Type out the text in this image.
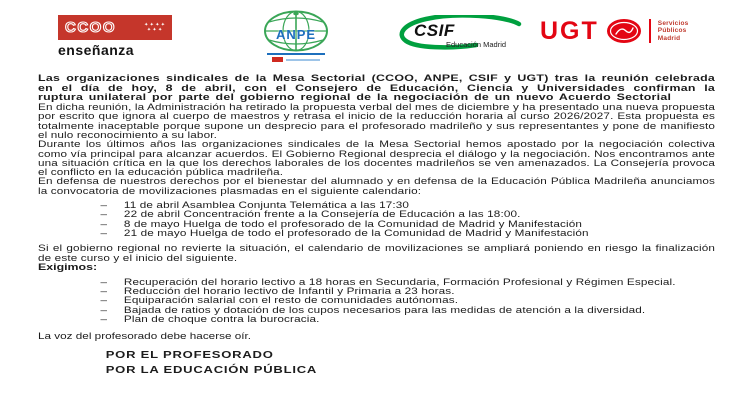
CCOO	✦ ✦ ✦ ✦
✦ ✦ ✦
enseñanza
ANPE	CSIF
Educación Madrid UGT	Servicios
Públicos
Madrid

Las organizaciones sindicales de la Mesa Sectorial (CCOO, ANPE, CSIF y UGT) tras la reunión celebrada en el día de hoy, 8 de abril, con el Consejero de Educación, Ciencia y Universidades confirman la ruptura unilateral por parte del gobierno regional de la negociación de un nuevo Acuerdo Sectorial

En dicha reunión, la Administración ha retirado la propuesta verbal del mes de diciembre y ha presentado una nueva propuesta por escrito que ignora al cuerpo de maestros y retrasa el inicio de la reducción horaria al curso 2026/2027. Esta propuesta es totalmente inaceptable porque supone un desprecio para el profesorado madrileño y sus representantes y pone de manifiesto el nulo reconocimiento a su labor.

Durante los últimos años las organizaciones sindicales de la Mesa Sectorial hemos apostado por la negociación colectiva como vía principal para alcanzar acuerdos. El Gobierno Regional desprecia el diálogo y la negociación. Nos encontramos ante una situación crítica en la que los derechos laborales de los docentes madrileños se ven amenazados. La Consejería provoca el conflicto en la educación pública madrileña.

En defensa de nuestros derechos por el bienestar del alumnado y en defensa de la Educación Pública Madrileña anunciamos la convocatoria de movilizaciones plasmadas en el siguiente calendario:

–
11 de abril Asamblea Conjunta Telemática a las 17:30
–
22 de abril Concentración frente a la Consejería de Educación a las 18:00.
–
8 de mayo Huelga de todo el profesorado de la Comunidad de Madrid y Manifestación
–
21 de mayo Huelga de todo el profesorado de la Comunidad de Madrid y Manifestación

Si el gobierno regional no revierte la situación, el calendario de movilizaciones se ampliará poniendo en riesgo la finalización de este curso y el inicio del siguiente.

Exigimos:

–
Recuperación del horario lectivo a 18 horas en Secundaria, Formación Profesional y Régimen Especial.
–
Reducción del horario lectivo de Infantil y Primaria a 23 horas.
–
Equiparación salarial con el resto de comunidades autónomas.
–
Bajada de ratios y dotación de los cupos necesarios para las medidas de atención a la diversidad.
–
Plan de choque contra la burocracia.

La voz del profesorado debe hacerse oír.

POR EL PROFESORADO
POR LA EDUCACIÓN PÚBLICA
